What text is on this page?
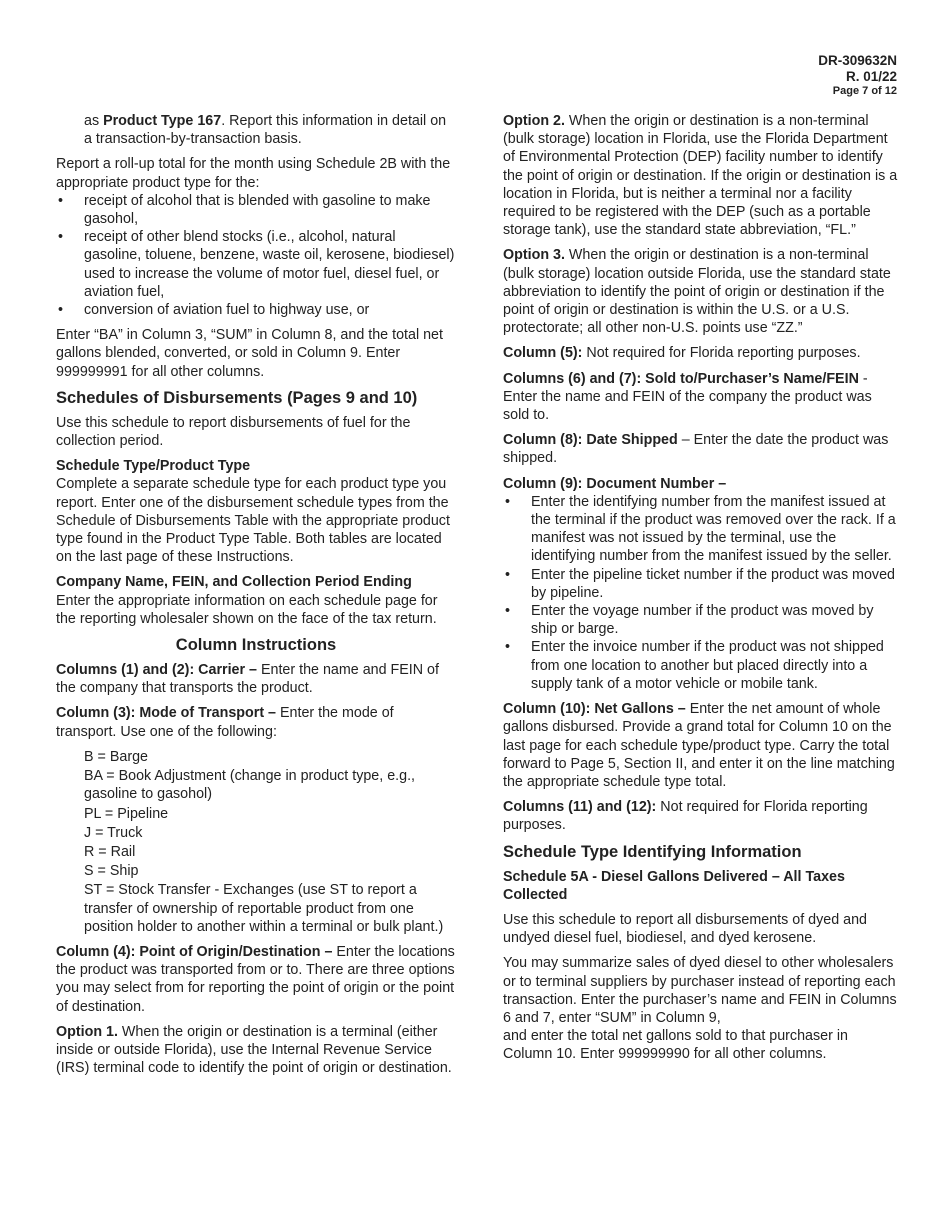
DR-309632N
R. 01/22
Page 7 of 12

as Product Type 167. Report this information in detail on a transaction-by-transaction basis.

Report a roll-up total for the month using Schedule 2B with the appropriate product type for the:

• receipt of alcohol that is blended with gasoline to make gasohol,
• receipt of other blend stocks (i.e., alcohol, natural gasoline, toluene, benzene, waste oil, kerosene, biodiesel) used to increase the volume of motor fuel, diesel fuel, or aviation fuel,
• conversion of aviation fuel to highway use, or

Enter “BA” in Column 3, “SUM” in Column 8, and the total net gallons blended, converted, or sold in Column 9. Enter 999999991 for all other columns.

Schedules of Disbursements (Pages 9 and 10)

Use this schedule to report disbursements of fuel for the collection period.

Schedule Type/Product Type

Complete a separate schedule type for each product type you report. Enter one of the disbursement schedule types from the Schedule of Disbursements Table with the appropriate product type found in the Product Type Table. Both tables are located on the last page of these Instructions.

Company Name, FEIN, and Collection Period Ending

Enter the appropriate information on each schedule page for the reporting wholesaler shown on the face of the tax return.

Column Instructions

Columns (1) and (2): Carrier – Enter the name and FEIN of the company that transports the product.

Column (3): Mode of Transport – Enter the mode of transport. Use one of the following:

B = Barge
BA = Book Adjustment (change in product type, e.g., gasoline to gasohol)
PL = Pipeline
J = Truck
R = Rail
S = Ship
ST = Stock Transfer - Exchanges (use ST to report a transfer of ownership of reportable product from one position holder to another within a terminal or bulk plant.)

Column (4): Point of Origin/Destination – Enter the locations the product was transported from or to. There are three options you may select from for reporting the point of origin or the point of destination.

Option 1. When the origin or destination is a terminal (either inside or outside Florida), use the Internal Revenue Service (IRS) terminal code to identify the point of origin or destination.

Option 2. When the origin or destination is a non-terminal (bulk storage) location in Florida, use the Florida Department of Environmental Protection (DEP) facility number to identify the point of origin or destination. If the origin or destination is a location in Florida, but is neither a terminal nor a facility required to be registered with the DEP (such as a portable storage tank), use the standard state abbreviation, “FL.”

Option 3. When the origin or destination is a non-terminal (bulk storage) location outside Florida, use the standard state abbreviation to identify the point of origin or destination if the point of origin or destination is within the U.S. or a U.S. protectorate; all other non-U.S. points use “ZZ.”

Column (5): Not required for Florida reporting purposes.

Columns (6) and (7): Sold to/Purchaser’s Name/FEIN - Enter the name and FEIN of the company the product was sold to.

Column (8): Date Shipped – Enter the date the product was shipped.

Column (9): Document Number –
• Enter the identifying number from the manifest issued at the terminal if the product was removed over the rack. If a manifest was not issued by the terminal, use the identifying number from the manifest issued by the seller.
• Enter the pipeline ticket number if the product was moved by pipeline.
• Enter the voyage number if the product was moved by ship or barge.
• Enter the invoice number if the product was not shipped from one location to another but placed directly into a supply tank of a motor vehicle or mobile tank.

Column (10): Net Gallons – Enter the net amount of whole gallons disbursed. Provide a grand total for Column 10 on the last page for each schedule type/product type. Carry the total forward to Page 5, Section II, and enter it on the line matching the appropriate schedule type total.

Columns (11) and (12): Not required for Florida reporting purposes.

Schedule Type Identifying Information

Schedule 5A - Diesel Gallons Delivered – All Taxes Collected

Use this schedule to report all disbursements of dyed and undyed diesel fuel, biodiesel, and dyed kerosene.

You may summarize sales of dyed diesel to other wholesalers or to terminal suppliers by purchaser instead of reporting each transaction. Enter the purchaser’s name and FEIN in Columns 6 and 7, enter “SUM” in Column 9,

and enter the total net gallons sold to that purchaser in Column 10. Enter 999999990 for all other columns.
